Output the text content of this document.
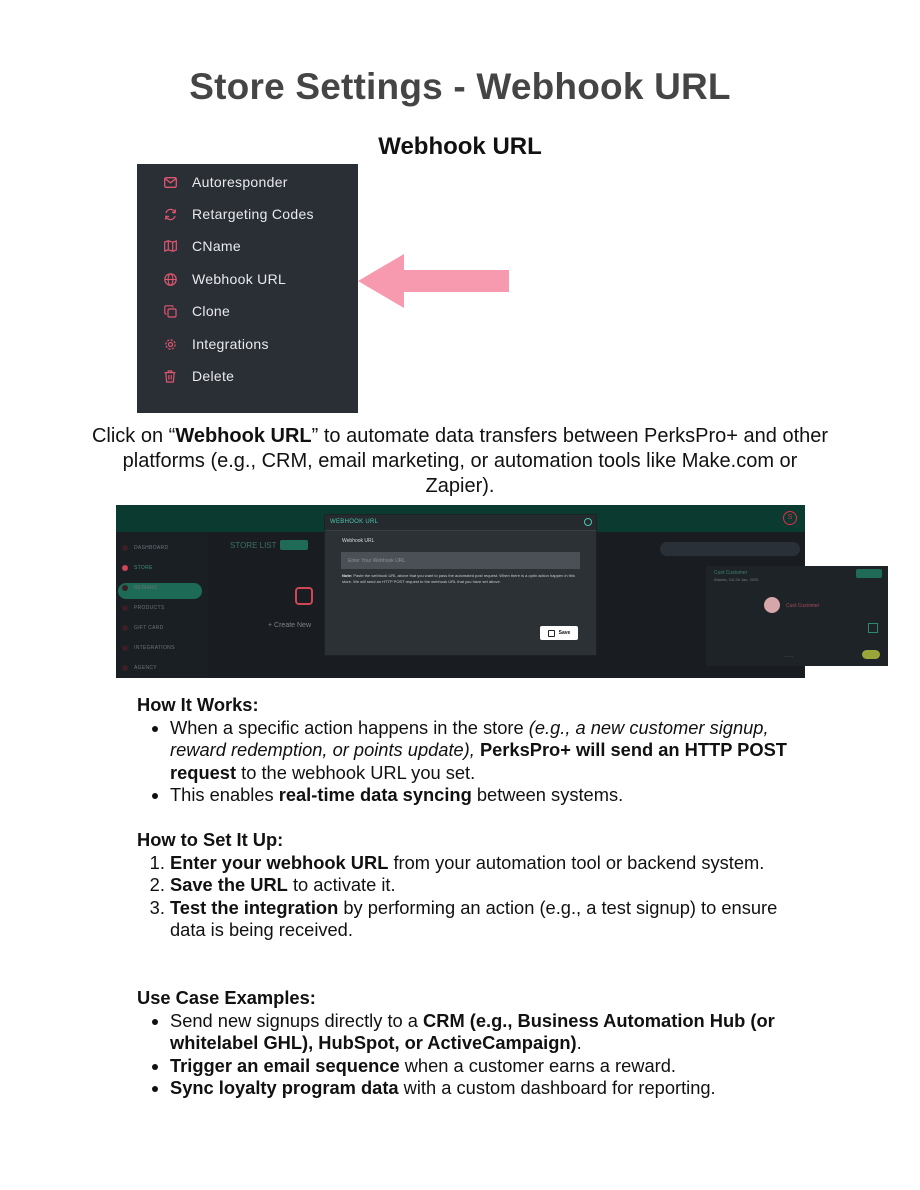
Store Settings - Webhook URL
Webhook URL
Autoresponder
Retargeting Codes
CName
Webhook URL
Clone
Integrations
Delete
Click on “Webhook URL” to automate data transfers between PerksPro+ and other platforms (e.g., CRM, email marketing, or automation tools like Make.com or Zapier).
S
DASHBOARD
STORE
REWARD
PRODUCTS
GIFT CARD
INTEGRATIONS
AGENCY
STORE LIST
+ Create New
Cust Customer
Atlanta, GA 26 Jan, 2025
Cust Customer
- - - -
WEBHOOK URL
Webhook URL
Enter Your Webhook URL
Note: Paste the webhook URL above that you want to pass the automated post request. When there is a optin action happen in this store. We will send an HTTP POST request to the webhook URL that you have set above.
Save
How It Works:
• When a specific action happens in the store (e.g., a new customer signup, reward redemption, or points update), PerksPro+ will send an HTTP POST request to the webhook URL you set.
• This enables real-time data syncing between systems.
How to Set It Up:
1. Enter your webhook URL from your automation tool or backend system.
2. Save the URL to activate it.
3. Test the integration by performing an action (e.g., a test signup) to ensure data is being received.
Use Case Examples:
• Send new signups directly to a CRM (e.g., Business Automation Hub (or whitelabel GHL), HubSpot, or ActiveCampaign).
• Trigger an email sequence when a customer earns a reward.
• Sync loyalty program data with a custom dashboard for reporting.
